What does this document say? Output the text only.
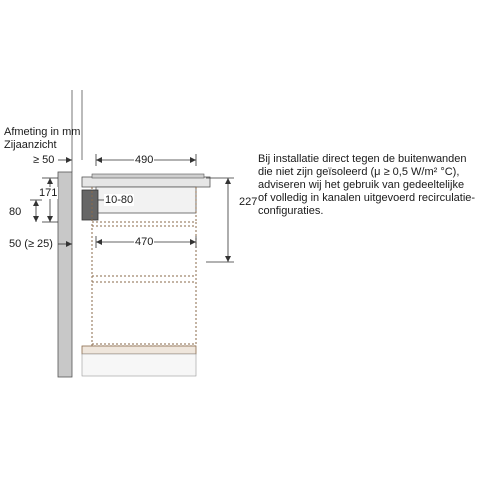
Afmeting in mm
Zijaanzicht
≥ 50
171
80
50 (≥ 25)
490
10-80	227
470
Bij installatie direct tegen de buitenwanden
die niet zijn geïsoleerd (μ ≥ 0,5 W/m² °C),
adviseren wij het gebruik van gedeeltelijke
of volledig in kanalen uitgevoerd recirculatie-
configuraties.
